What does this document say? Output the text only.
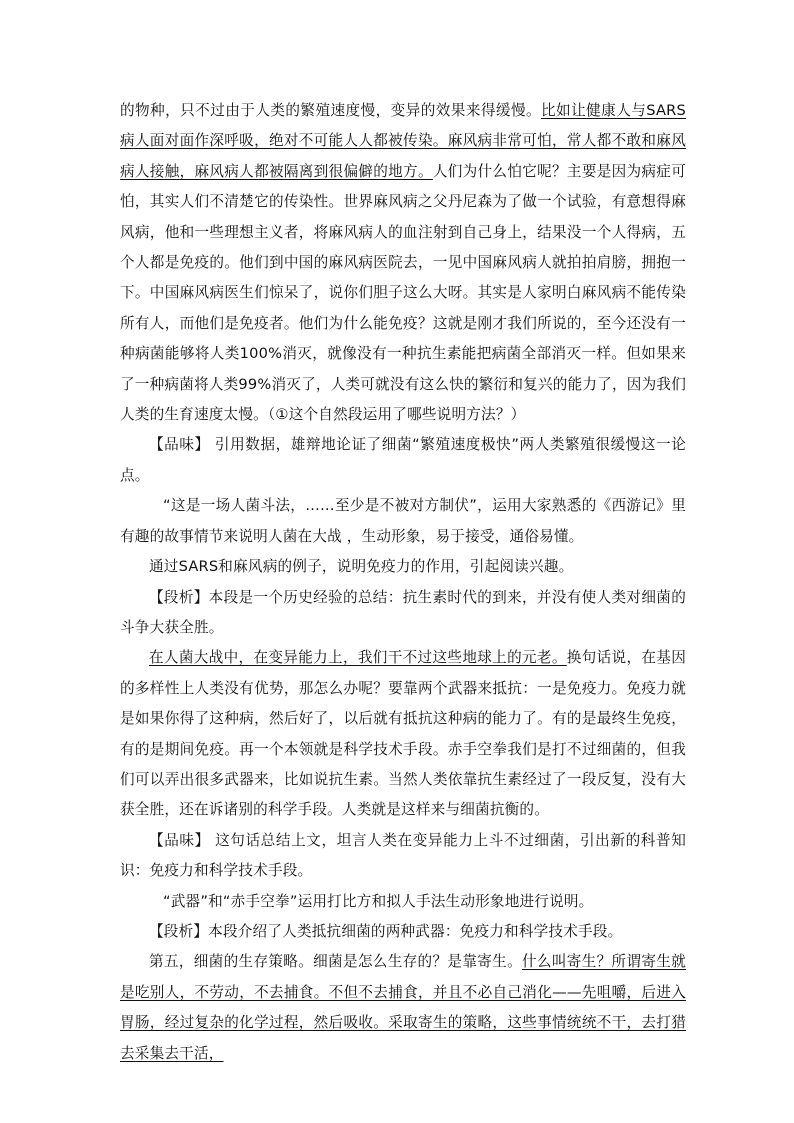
的物种，只不过由于人类的繁殖速度慢，变异的效果来得缓慢。比如让健康人与SARS病人面对面作深呼吸，绝对不可能人人都被传染。麻风病非常可怕，常人都不敢和麻风病人接触，麻风病人都被隔离到很偏僻的地方。人们为什么怕它呢？主要是因为病症可怕，其实人们不清楚它的传染性。世界麻风病之父丹尼森为了做一个试验，有意想得麻风病，他和一些理想主义者，将麻风病人的血注射到自己身上，结果没一个人得病，五个人都是免疫的。他们到中国的麻风病医院去，一见中国麻风病人就拍拍肩膀，拥抱一下。中国麻风病医生们惊呆了，说你们胆子这么大呀。其实是人家明白麻风病不能传染所有人，而他们是免疫者。他们为什么能免疫？这就是刚才我们所说的，至今还没有一种病菌能够将人类100%消灭，就像没有一种抗生素能把病菌全部消灭一样。但如果来了一种病菌将人类99%消灭了，人类可就没有这么快的繁衍和复兴的能力了，因为我们人类的生育速度太慢。（①这个自然段运用了哪些说明方法？）

【品味】 引用数据，雄辩地论证了细菌“繁殖速度极快”两人类繁殖很缓慢这一论点。

“这是一场人菌斗法，……至少是不被对方制伏”，运用大家熟悉的《西游记》里有趣的故事情节来说明人菌在大战 ，生动形象，易于接受，通俗易懂。

通过SARS和麻风病的例子，说明免疫力的作用，引起阅读兴趣。

【段析】本段是一个历史经验的总结：抗生素时代的到来，并没有使人类对细菌的斗争大获全胜。

在人菌大战中，在变异能力上，我们干不过这些地球上的元老。换句话说，在基因的多样性上人类没有优势，那怎么办呢？要靠两个武器来抵抗：一是免疫力。免疫力就是如果你得了这种病，然后好了，以后就有抵抗这种病的能力了。有的是最终生免疫，有的是期间免疫。再一个本领就是科学技术手段。赤手空拳我们是打不过细菌的，但我们可以弄出很多武器来，比如说抗生素。当然人类依靠抗生素经过了一段反复，没有大获全胜，还在诉诸别的科学手段。人类就是这样来与细菌抗衡的。

【品味】 这句话总结上文，坦言人类在变异能力上斗不过细菌，引出新的科普知识：免疫力和科学技术手段。

“武器”和“赤手空拳”运用打比方和拟人手法生动形象地进行说明。

【段析】本段介绍了人类抵抗细菌的两种武器：免疫力和科学技术手段。

第五，细菌的生存策略。细菌是怎么生存的？是靠寄生。什么叫寄生？所谓寄生就是吃别人，不劳动，不去捕食。不但不去捕食，并且不必自己消化——先咀嚼，后进入胃肠，经过复杂的化学过程，然后吸收。采取寄生的策略，这些事情统统不干，去打猎去采集去干活，
